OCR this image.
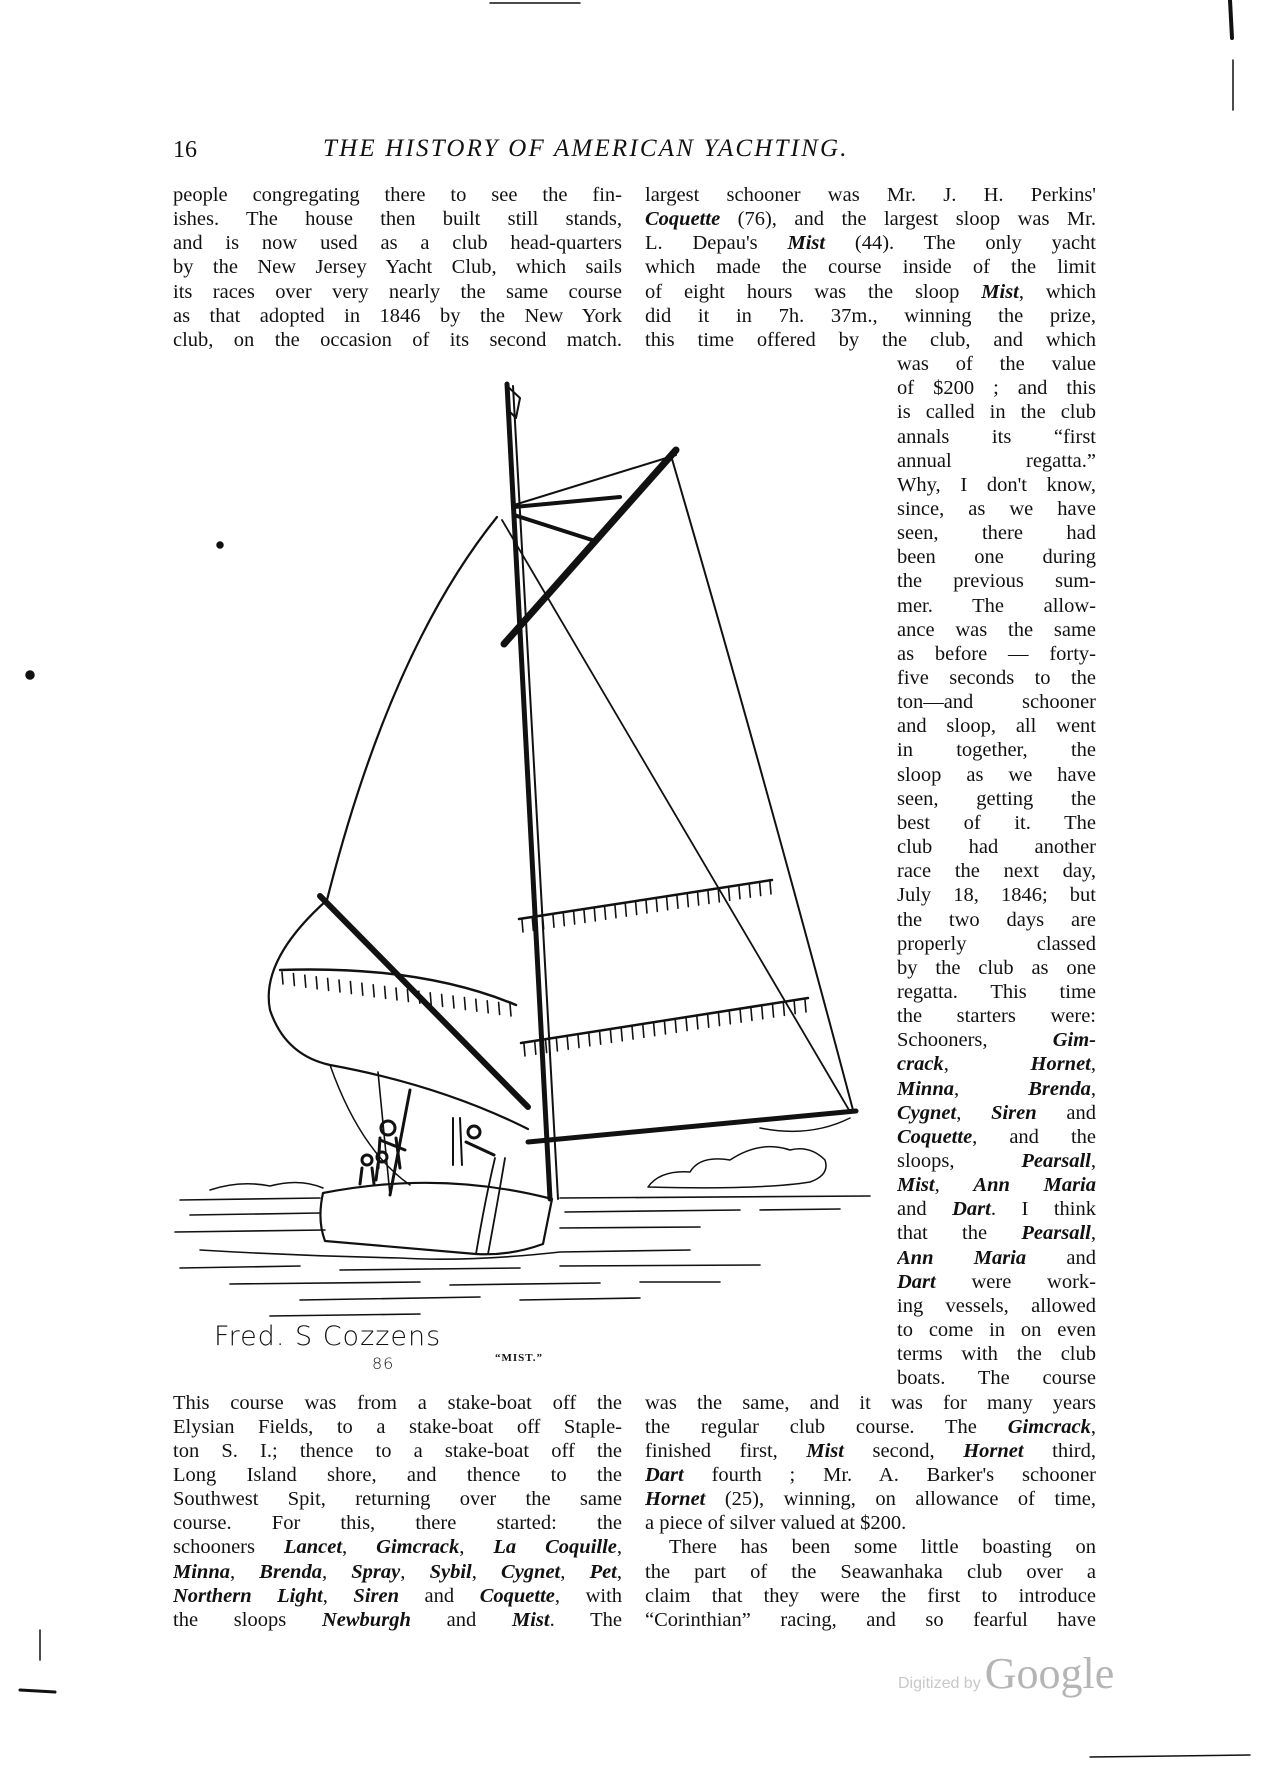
16	THE HISTORY OF AMERICAN YACHTING.
people congregating there to see the fin-
ishes. The house then built still stands,
and is now used as a club head-quarters
by the New Jersey Yacht Club, which sails
its races over very nearly the same course
as that adopted in 1846 by the New York
club, on the occasion of its second match.
This course was from a stake-boat off the
Elysian Fields, to a stake-boat off Staple-
ton S. I.; thence to a stake-boat off the
Long Island shore, and thence to the
Southwest Spit, returning over the same
course. For this, there started: the
schooners Lancet, Gimcrack, La Coquille,
Minna, Brenda, Spray, Sybil, Cygnet, Pet,
Northern Light, Siren and Coquette, with
the sloops Newburgh and Mist. The
largest schooner was Mr. J. H. Perkins'
Coquette (76), and the largest sloop was Mr.
L. Depau's Mist (44). The only yacht
which made the course inside of the limit
of eight hours was the sloop Mist, which
did it in 7h. 37m., winning the prize,
this time offered by the club, and which
was of the value
of $200 ; and this
is called in the club
annals its “first
annual regatta.”
Why, I don't know,
since, as we have
seen, there had
been one during
the previous sum-
mer. The allow-
ance was the same
as before — forty-
five seconds to the
ton—and schooner
and sloop, all went
in together, the
sloop as we have
seen, getting the
best of it. The
club had another
race the next day,
July 18, 1846; but
the two days are
properly classed
by the club as one
regatta. This time
the starters were:
Schooners, Gim-
crack, Hornet,
Minna, Brenda,
Cygnet, Siren and
Coquette, and the
sloops, Pearsall,
Mist, Ann Maria
and Dart. I think
that the Pearsall,
Ann Maria and
Dart were work-
ing vessels, allowed
to come in on even
terms with the club
boats. The course
was the same, and it was for many years
the regular club course. The Gimcrack,
finished first, Mist second, Hornet third,
Dart fourth ; Mr. A. Barker's schooner
Hornet (25), winning, on allowance of time,
a piece of silver valued at $200.
There has been some little boasting on
the part of the Seawanhaka club over a
claim that they were the first to introduce
“Corinthian” racing, and so fearful have
Fred. S Cozzens
86	“MIST.”
Digitized by Google
